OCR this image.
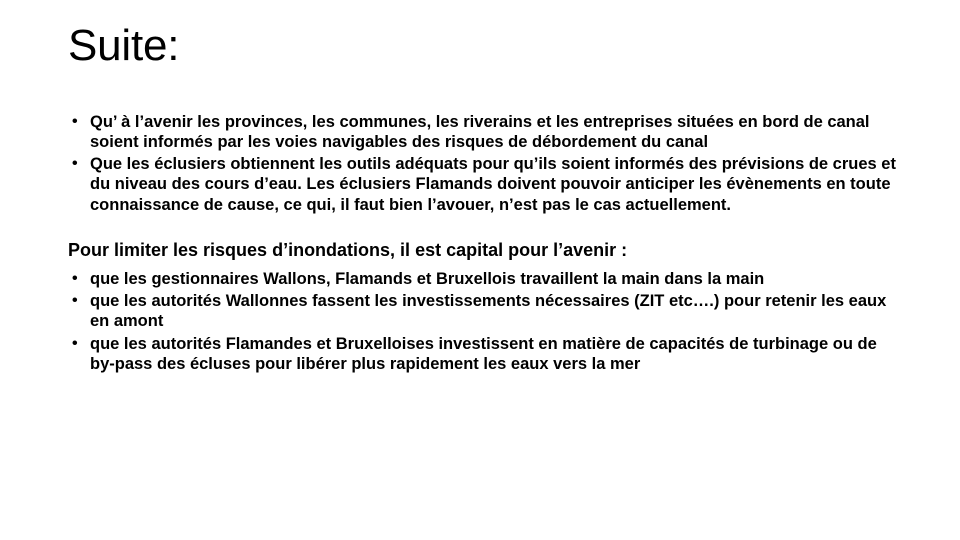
Suite:
• Qu’ à l’avenir les provinces, les communes, les riverains et les entreprises situées en bord de canal soient informés par les voies navigables des risques de débordement du canal
• Que les éclusiers obtiennent les outils adéquats pour qu’ils soient informés des prévisions de crues et du niveau des cours d’eau. Les éclusiers Flamands doivent pouvoir anticiper les évènements en toute connaissance de cause, ce qui, il faut bien l’avouer, n’est pas le cas actuellement.
Pour limiter les risques d’inondations, il est capital pour l’avenir :
• que les gestionnaires Wallons, Flamands et Bruxellois travaillent la main dans la main
• que les autorités Wallonnes fassent les investissements nécessaires (ZIT etc….) pour retenir les eaux en amont
• que les autorités Flamandes et Bruxelloises investissent en matière de capacités de turbinage ou de by-pass des écluses pour libérer plus rapidement les eaux vers la mer
